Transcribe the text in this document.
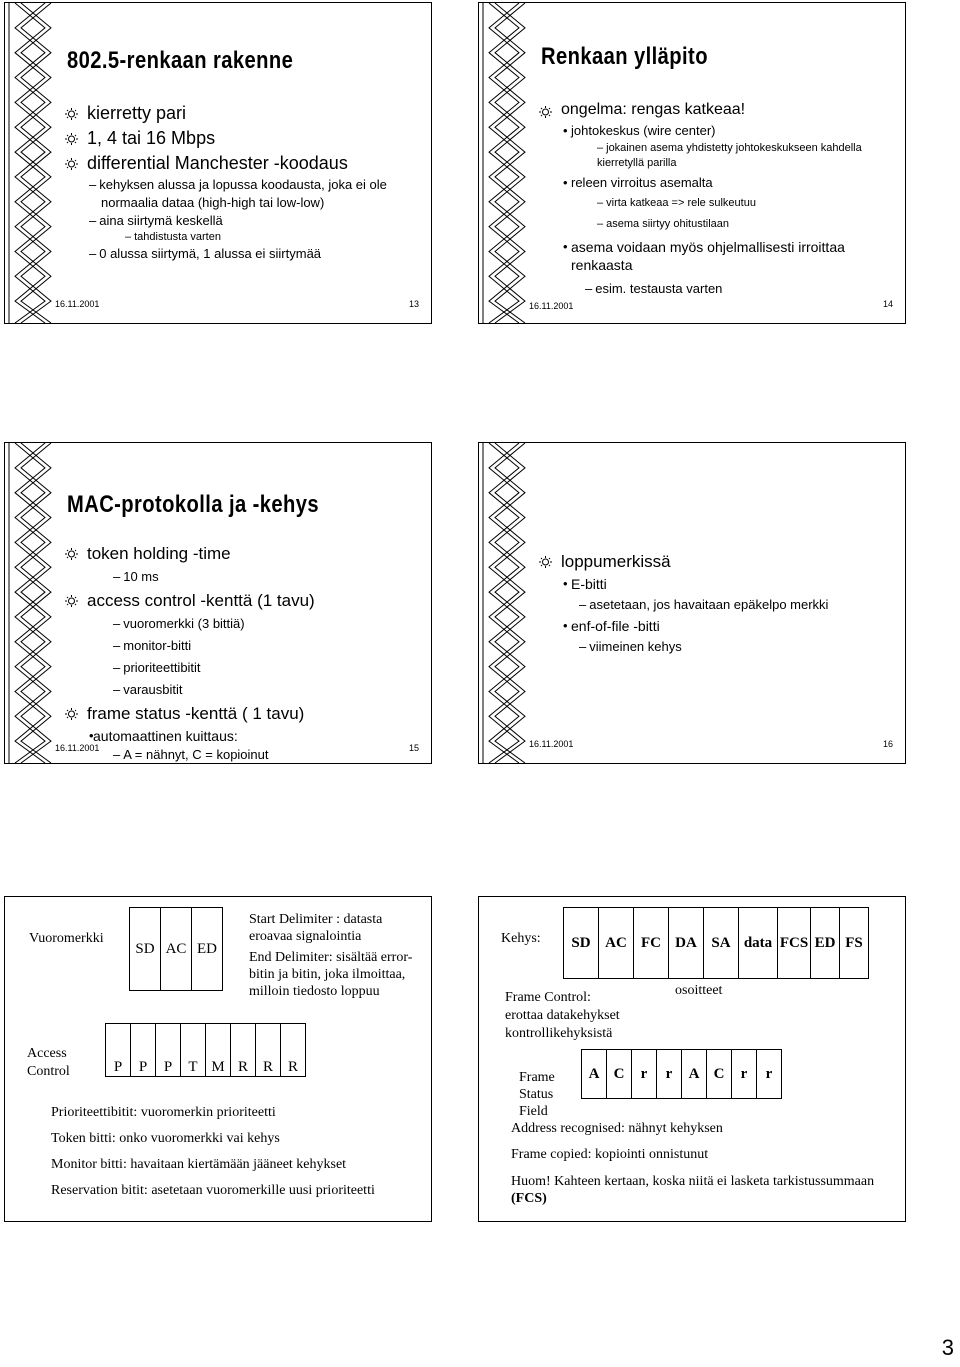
802.5-renkaan rakenne
kierretty pari
1, 4 tai 16 Mbps
differential Manchester -koodaus
– kehyksen alussa ja lopussa koodausta, joka ei ole normaalia dataa (high-high tai low-low)
– aina siirtymä keskellä
– tahdistusta varten
– 0 alussa siirtymä, 1 alussa ei siirtymää
16.11.2001	13
Renkaan ylläpito
ongelma: rengas katkeaa!
• johtokeskus (wire center)
– jokainen asema yhdistetty johtokeskukseen kahdella kierretyllä parilla
• releen virroitus asemalta
– virta katkeaa => rele sulkeutuu
– asema siirtyy ohitustilaan
• asema voidaan myös ohjelmallisesti irroittaa renkaasta
– esim. testausta varten
16.11.2001	14
MAC-protokolla ja -kehys
token holding -time
– 10 ms
access control -kenttä (1 tavu)
– vuoromerkki (3 bittiä)
– monitor-bitti
– prioriteettibitit
– varausbitit
frame status -kenttä ( 1 tavu)
• automaattinen kuittaus:
– A = nähnyt, C = kopioinut
16.11.2001	15
loppumerkissä
• E-bitti
– asetetaan, jos havaitaan epäkelpo merkki
• enf-of-file -bitti
– viimeinen kehys
16.11.2001	16
Vuoromerkki
SD	AC	ED
Start Delimiter : datasta eroavaa signalointia
End Delimiter: sisältää error-
bitin ja bitin, joka ilmoittaa,
milloin tiedosto loppuu
Access
Control	P	P	P	T	M	R	R	R
Prioriteettibitit: vuoromerkin prioriteetti
Token bitti: onko vuoromerkki vai kehys
Monitor bitti: havaitaan kiertämään jääneet kehykset
Reservation bitit: asetetaan vuoromerkille uusi prioriteetti
Kehys: SD	AC	FC	DA	SA	data	FCS	ED	FS
osoitteet
Frame Control:
erottaa datakehykset
kontrollikehyksistä
Frame
Status
Field
A	C	r	r	A	C	r	r
Address recognised: nähnyt kehyksen
Frame copied: kopiointi onnistunut
Huom! Kahteen kertaan, koska niitä ei lasketa tarkistussummaan
(FCS)
3
